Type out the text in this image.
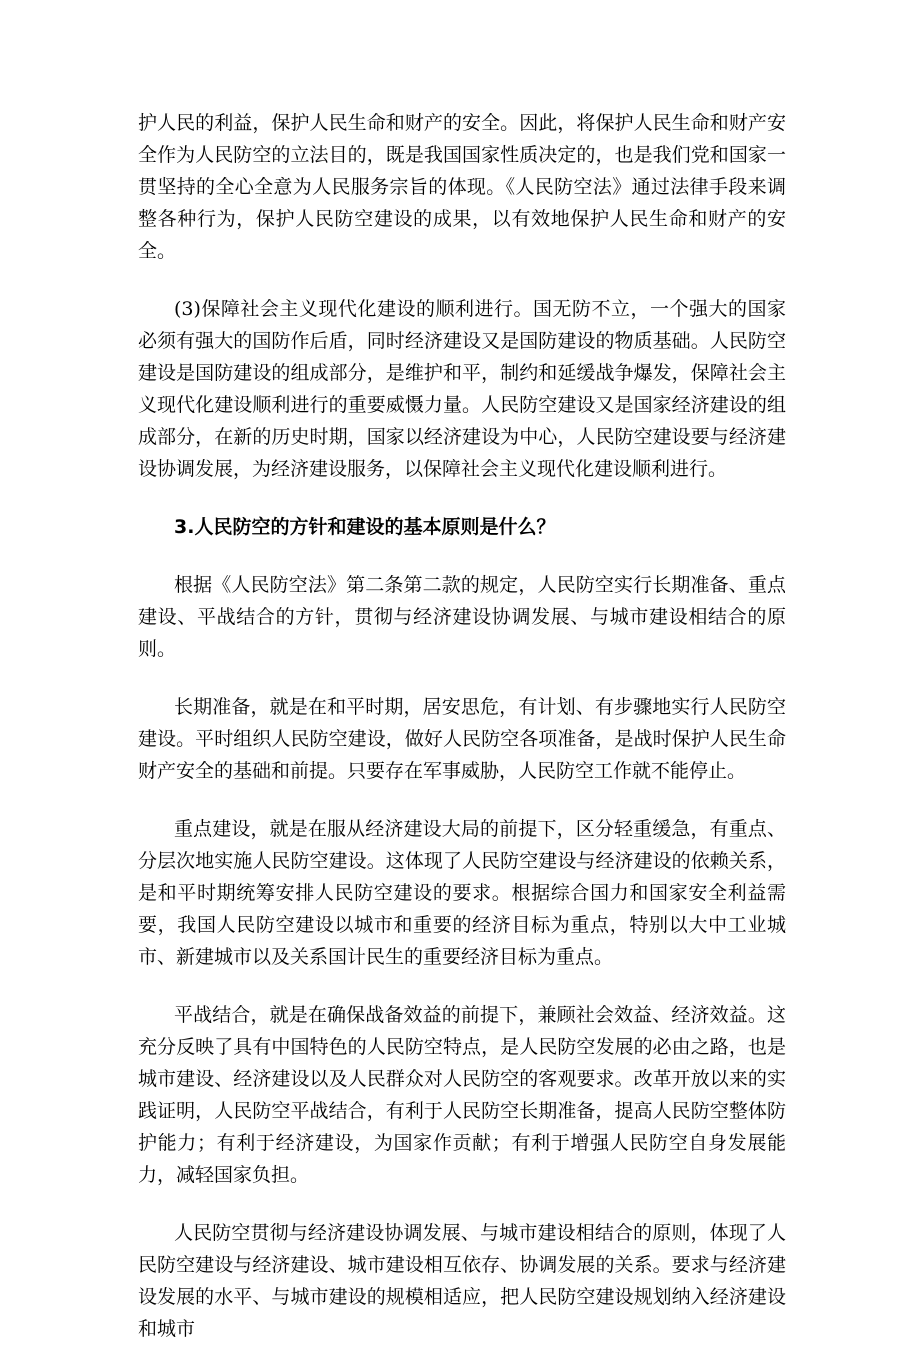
护人民的利益，保护人民生命和财产的安全。因此，将保护人民生命和财产安全作为人民防空的立法目的，既是我国国家性质决定的，也是我们党和国家一贯坚持的全心全意为人民服务宗旨的体现。《人民防空法》通过法律手段来调整各种行为，保护人民防空建设的成果，以有效地保护人民生命和财产的安全。

(3)保障社会主义现代化建设的顺利进行。国无防不立，一个强大的国家必须有强大的国防作后盾，同时经济建设又是国防建设的物质基础。人民防空建设是国防建设的组成部分，是维护和平，制约和延缓战争爆发，保障社会主义现代化建设顺利进行的重要威慑力量。人民防空建设又是国家经济建设的组成部分，在新的历史时期，国家以经济建设为中心，人民防空建设要与经济建设协调发展，为经济建设服务，以保障社会主义现代化建设顺利进行。

3.人民防空的方针和建设的基本原则是什么？

根据《人民防空法》第二条第二款的规定，人民防空实行长期准备、重点建设、平战结合的方针，贯彻与经济建设协调发展、与城市建设相结合的原则。

长期准备，就是在和平时期，居安思危，有计划、有步骤地实行人民防空建设。平时组织人民防空建设，做好人民防空各项准备，是战时保护人民生命财产安全的基础和前提。只要存在军事威胁，人民防空工作就不能停止。

重点建设，就是在服从经济建设大局的前提下，区分轻重缓急，有重点、分层次地实施人民防空建设。这体现了人民防空建设与经济建设的依赖关系，是和平时期统筹安排人民防空建设的要求。根据综合国力和国家安全利益需要，我国人民防空建设以城市和重要的经济目标为重点，特别以大中工业城市、新建城市以及关系国计民生的重要经济目标为重点。

平战结合，就是在确保战备效益的前提下，兼顾社会效益、经济效益。这充分反映了具有中国特色的人民防空特点，是人民防空发展的必由之路，也是城市建设、经济建设以及人民群众对人民防空的客观要求。改革开放以来的实践证明，人民防空平战结合，有利于人民防空长期准备，提高人民防空整体防护能力；有利于经济建设，为国家作贡献；有利于增强人民防空自身发展能力，减轻国家负担。

人民防空贯彻与经济建设协调发展、与城市建设相结合的原则，体现了人民防空建设与经济建设、城市建设相互依存、协调发展的关系。要求与经济建设发展的水平、与城市建设的规模相适应，把人民防空建设规划纳入经济建设和城市
